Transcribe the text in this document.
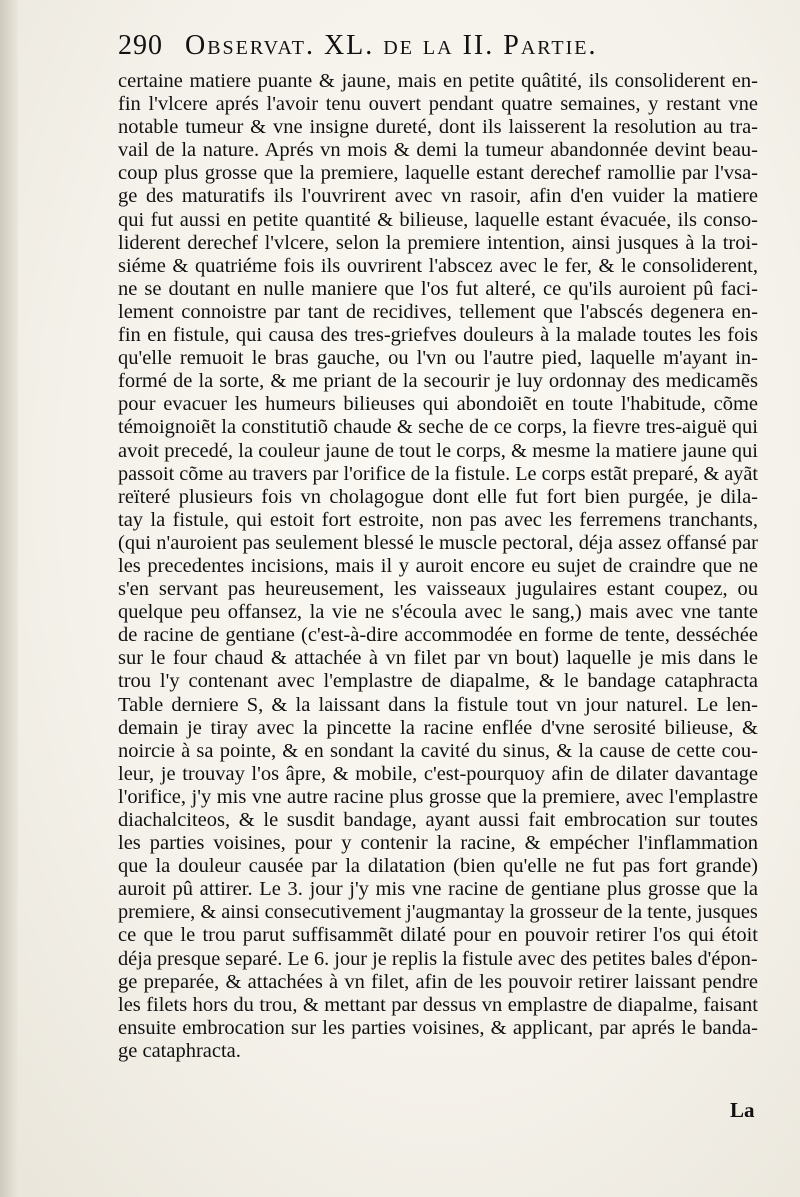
290 Observat. XL. de la II. Partie.
certaine matiere puante & jaune, mais en petite quâtité, ils consoliderent en-
fin l'vlcere aprés l'avoir tenu ouvert pendant quatre semaines, y restant vne
notable tumeur & vne insigne dureté, dont ils laisserent la resolution au tra-
vail de la nature. Aprés vn mois & demi la tumeur abandonnée devint beau-
coup plus grosse que la premiere, laquelle estant derechef ramollie par l'vsa-
ge des maturatifs ils l'ouvrirent avec vn rasoir, afin d'en vuider la matiere
qui fut aussi en petite quantité & bilieuse, laquelle estant évacuée, ils conso-
liderent derechef l'vlcere, selon la premiere intention, ainsi jusques à la troi-
siéme & quatriéme fois ils ouvrirent l'abscez avec le fer, & le consoliderent,
ne se doutant en nulle maniere que l'os fut alteré, ce qu'ils auroient pû faci-
lement connoistre par tant de recidives, tellement que l'abscés degenera en-
fin en fistule, qui causa des tres-griefves douleurs à la malade toutes les fois
qu'elle remuoit le bras gauche, ou l'vn ou l'autre pied, laquelle m'ayant in-
formé de la sorte, & me priant de la secourir je luy ordonnay des medicamẽs
pour evacuer les humeurs bilieuses qui abondoiẽt en toute l'habitude, cõme
témoignoiẽt la constitutiõ chaude & seche de ce corps, la fievre tres-aiguë qui
avoit precedé, la couleur jaune de tout le corps, & mesme la matiere jaune qui
passoit cõme au travers par l'orifice de la fistule. Le corps estãt preparé, & ayãt
reïteré plusieurs fois vn cholagogue dont elle fut fort bien purgée, je dila-
tay la fistule, qui estoit fort estroite, non pas avec les ferremens tranchants,
(qui n'auroient pas seulement blessé le muscle pectoral, déja assez offansé par
les precedentes incisions, mais il y auroit encore eu sujet de craindre que ne
s'en servant pas heureusement, les vaisseaux jugulaires estant coupez, ou
quelque peu offansez, la vie ne s'écoula avec le sang,) mais avec vne tante
de racine de gentiane (c'est-à-dire accommodée en forme de tente, desséchée
sur le four chaud & attachée à vn filet par vn bout) laquelle je mis dans le
trou l'y contenant avec l'emplastre de diapalme, & le bandage cataphracta
Table derniere S, & la laissant dans la fistule tout vn jour naturel. Le len-
demain je tiray avec la pincette la racine enflée d'vne serosité bilieuse, &
noircie à sa pointe, & en sondant la cavité du sinus, & la cause de cette cou-
leur, je trouvay l'os âpre, & mobile, c'est-pourquoy afin de dilater davantage
l'orifice, j'y mis vne autre racine plus grosse que la premiere, avec l'emplastre
diachalciteos, & le susdit bandage, ayant aussi fait embrocation sur toutes
les parties voisines, pour y contenir la racine, & empécher l'inflammation
que la douleur causée par la dilatation (bien qu'elle ne fut pas fort grande)
auroit pû attirer. Le 3. jour j'y mis vne racine de gentiane plus grosse que la
premiere, & ainsi consecutivement j'augmantay la grosseur de la tente, jusques
ce que le trou parut suffisammẽt dilaté pour en pouvoir retirer l'os qui étoit
déja presque separé. Le 6. jour je replis la fistule avec des petites bales d'épon-
ge preparée, & attachées à vn filet, afin de les pouvoir retirer laissant pendre
les filets hors du trou, & mettant par dessus vn emplastre de diapalme, faisant
ensuite embrocation sur les parties voisines, & applicant, par aprés le banda-
ge cataphracta.
La
